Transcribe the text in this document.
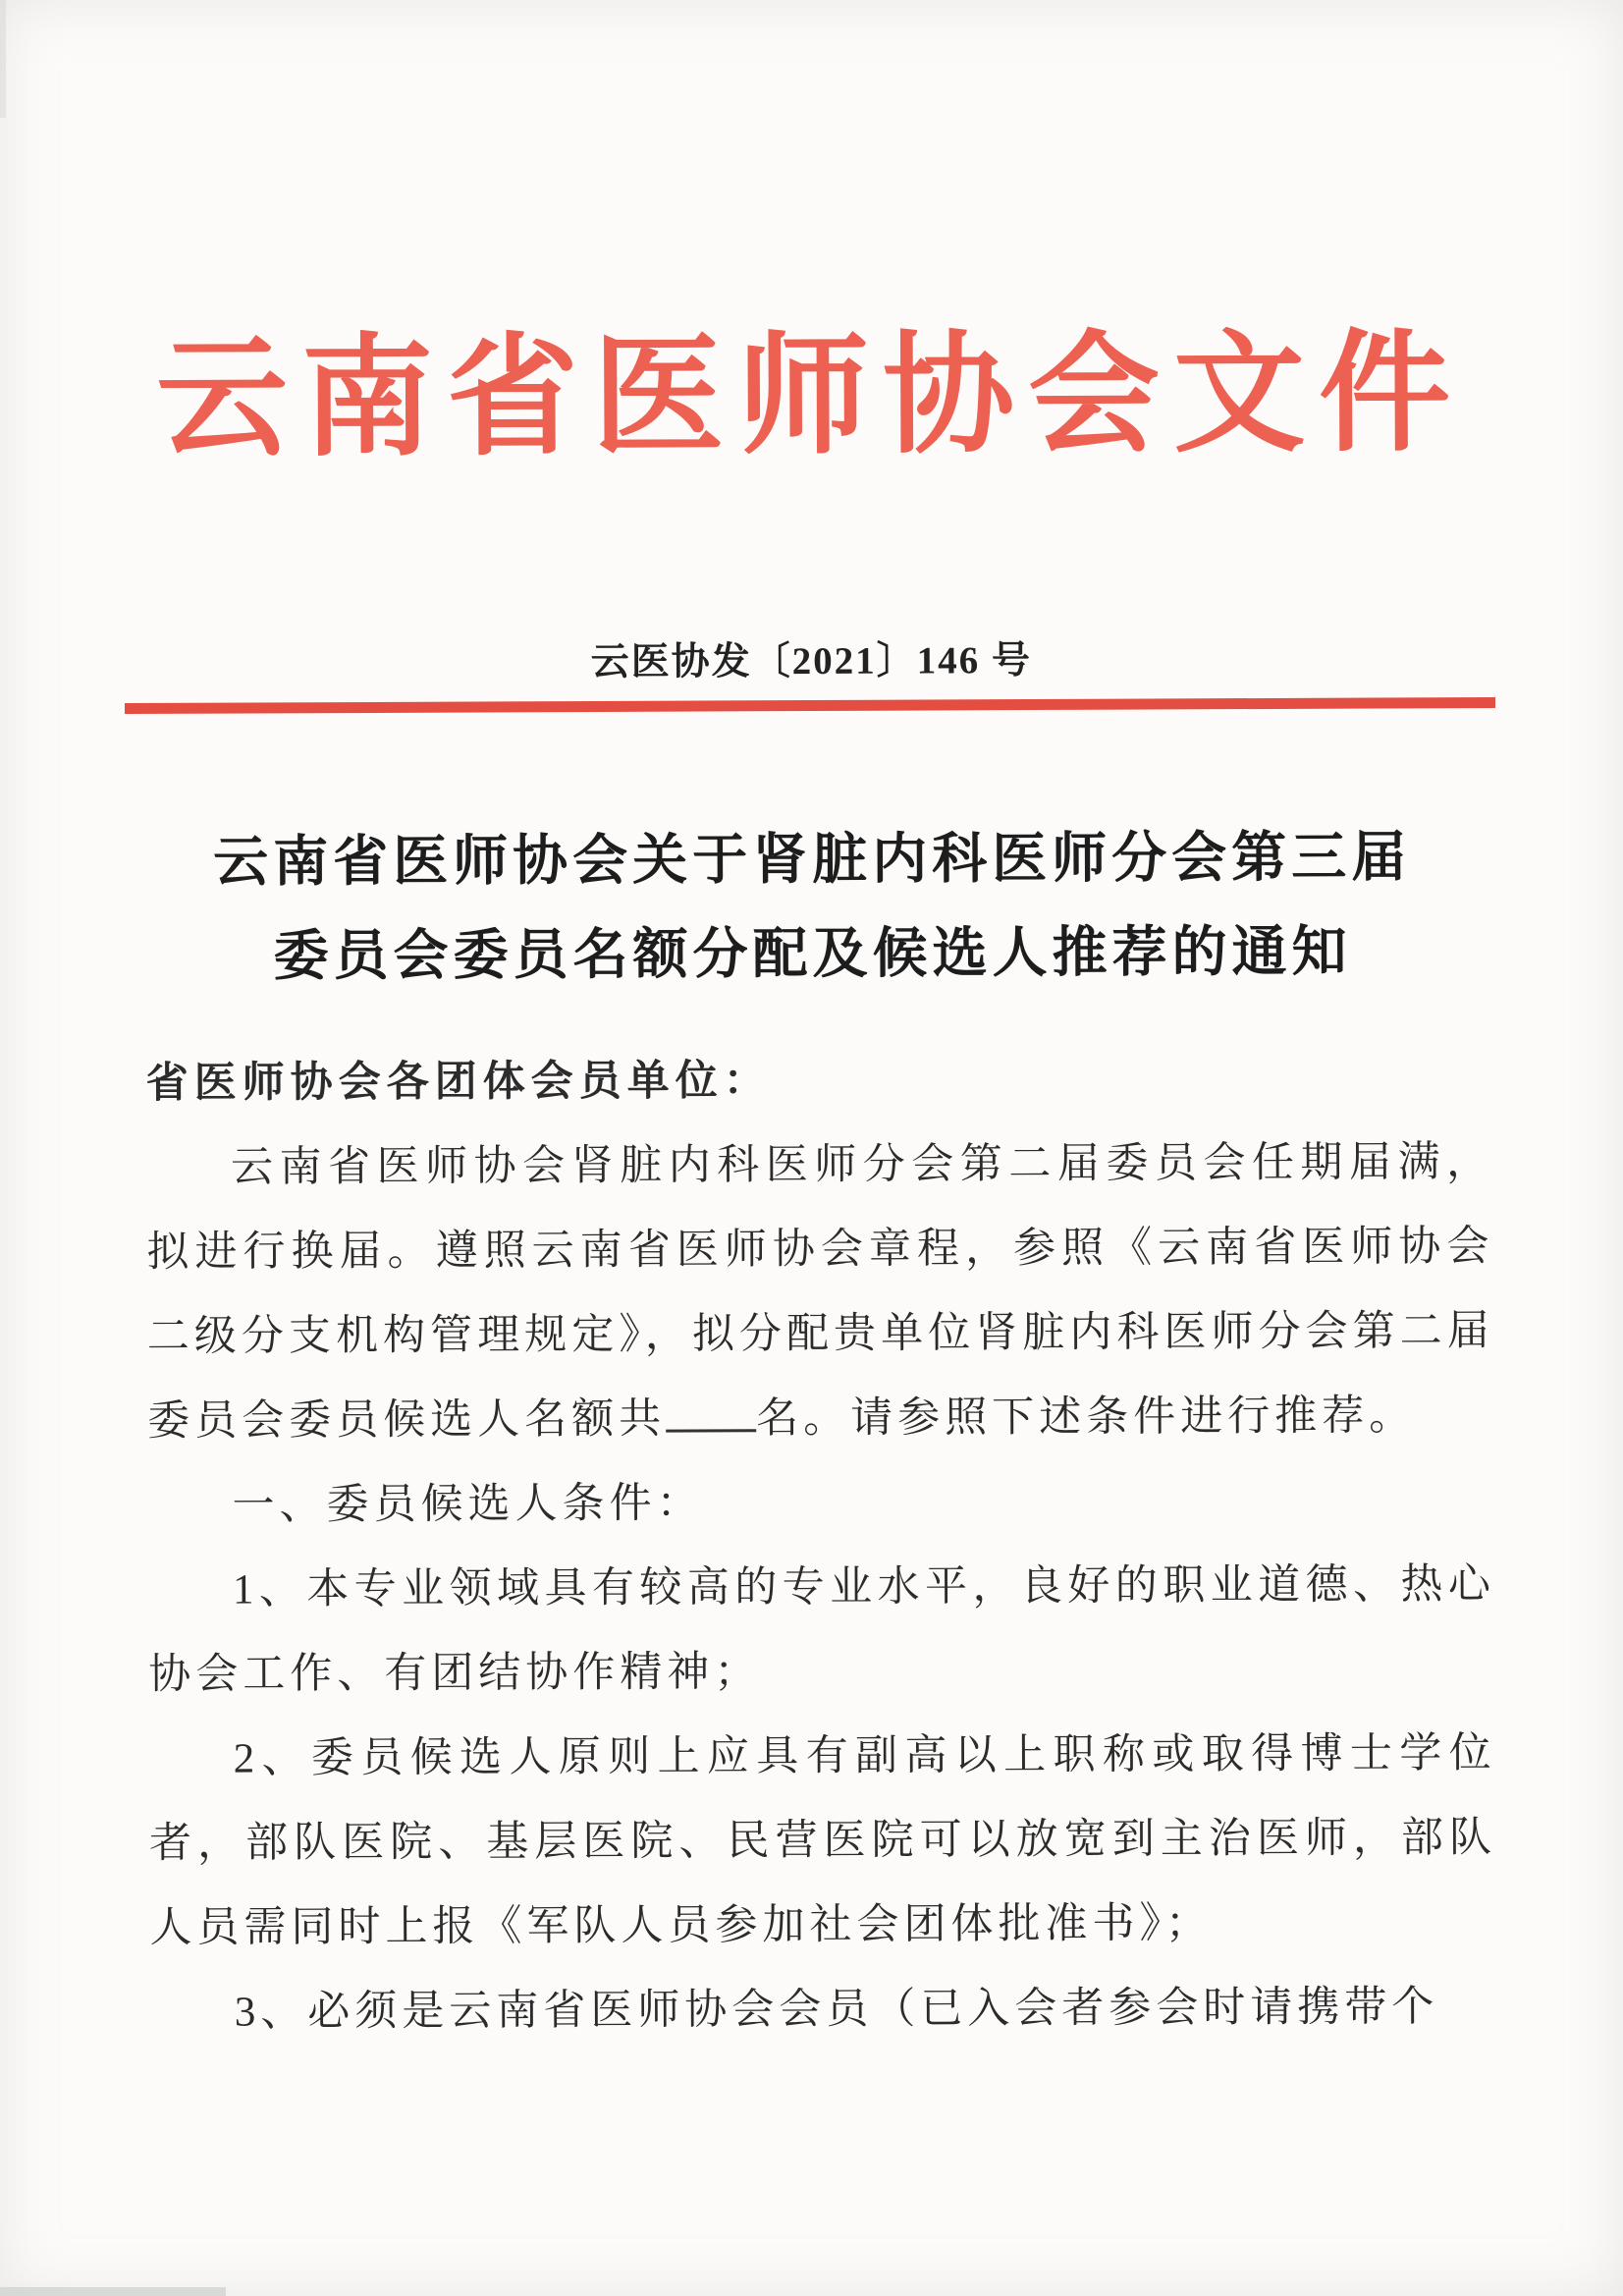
云南省医师协会文件
云医协发〔2021〕146 号
云南省医师协会关于肾脏内科医师分会第三届
委员会委员名额分配及候选人推荐的通知

省医师协会各团体会员单位：

云南省医师协会肾脏内科医师分会第二届委员会任期届满，拟进行换届。遵照云南省医师协会章程，参照《云南省医师协会二级分支机构管理规定》，拟分配贵单位肾脏内科医师分会第二届委员会委员候选人名额共 名。请参照下述条件进行推荐。

一、委员候选人条件：

1、本专业领域具有较高的专业水平，良好的职业道德、热心协会工作、有团结协作精神；

2、委员候选人原则上应具有副高以上职称或取得博士学位者，部队医院、基层医院、民营医院可以放宽到主治医师，部队人员需同时上报《军队人员参加社会团体批准书》；

3、必须是云南省医师协会会员（已入会者参会时请携带个
